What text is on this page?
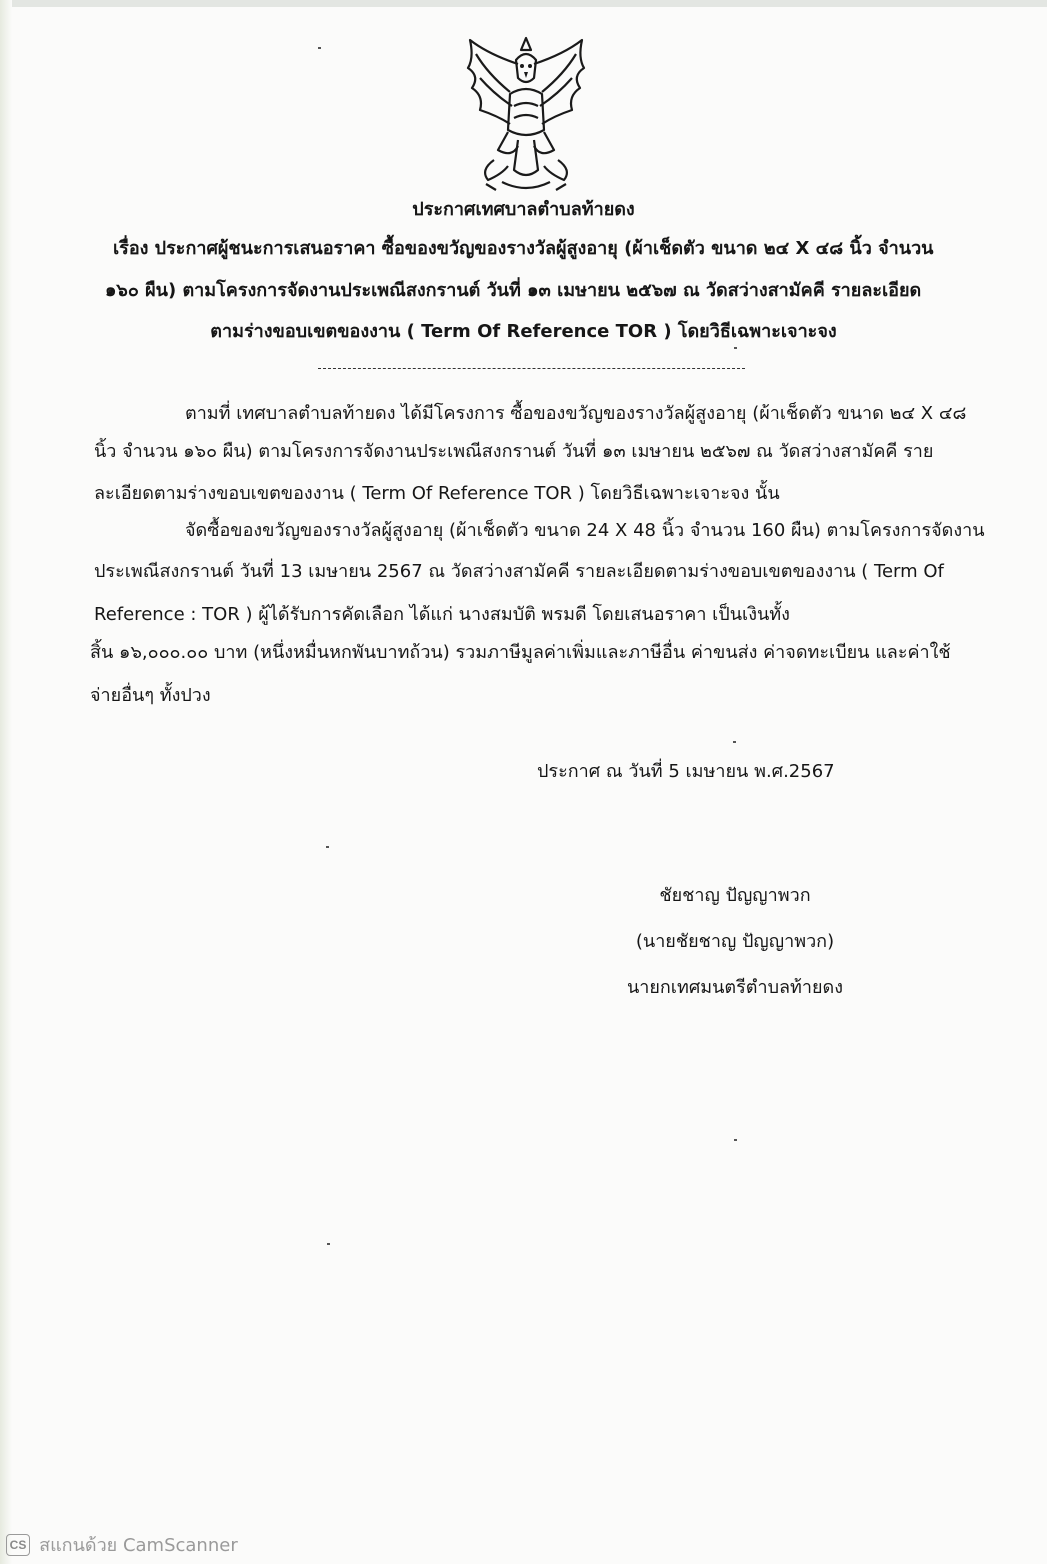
ประกาศเทศบาลตำบลท้ายดง
เรื่อง ประกาศผู้ชนะการเสนอราคา ซื้อของขวัญของรางวัลผู้สูงอายุ (ผ้าเช็ดตัว ขนาด ๒๔ X ๔๘ นิ้ว จำนวน
๑๖๐ ผืน) ตามโครงการจัดงานประเพณีสงกรานต์ วันที่ ๑๓ เมษายน ๒๕๖๗ ณ วัดสว่างสามัคคี รายละเอียด
ตามร่างขอบเขตของงาน ( Term Of Reference TOR ) โดยวิธีเฉพาะเจาะจง
ตามที่ เทศบาลตำบลท้ายดง ได้มีโครงการ ซื้อของขวัญของรางวัลผู้สูงอายุ (ผ้าเช็ดตัว ขนาด ๒๔ X ๔๘
นิ้ว จำนวน ๑๖๐ ผืน) ตามโครงการจัดงานประเพณีสงกรานต์ วันที่ ๑๓ เมษายน ๒๕๖๗ ณ วัดสว่างสามัคคี ราย
ละเอียดตามร่างขอบเขตของงาน ( Term Of Reference TOR ) โดยวิธีเฉพาะเจาะจง นั้น
จัดซื้อของขวัญของรางวัลผู้สูงอายุ (ผ้าเช็ดตัว ขนาด 24 X 48 นิ้ว จำนวน 160 ผืน) ตามโครงการจัดงาน
ประเพณีสงกรานต์ วันที่ 13 เมษายน 2567 ณ วัดสว่างสามัคคี รายละเอียดตามร่างขอบเขตของงาน ( Term Of
Reference : TOR ) ผู้ได้รับการคัดเลือก ได้แก่ นางสมบัติ พรมดี โดยเสนอราคา เป็นเงินทั้ง
สิ้น ๑๖,๐๐๐.๐๐ บาท (หนึ่งหมื่นหกพันบาทถ้วน) รวมภาษีมูลค่าเพิ่มและภาษีอื่น ค่าขนส่ง ค่าจดทะเบียน และค่าใช้
จ่ายอื่นๆ ทั้งปวง
ประกาศ ณ วันที่ 5 เมษายน พ.ศ.2567
ชัยชาญ ปัญญาพวก
(นายชัยชาญ ปัญญาพวก)
นายกเทศมนตรีตำบลท้ายดง
CS สแกนด้วย CamScanner
